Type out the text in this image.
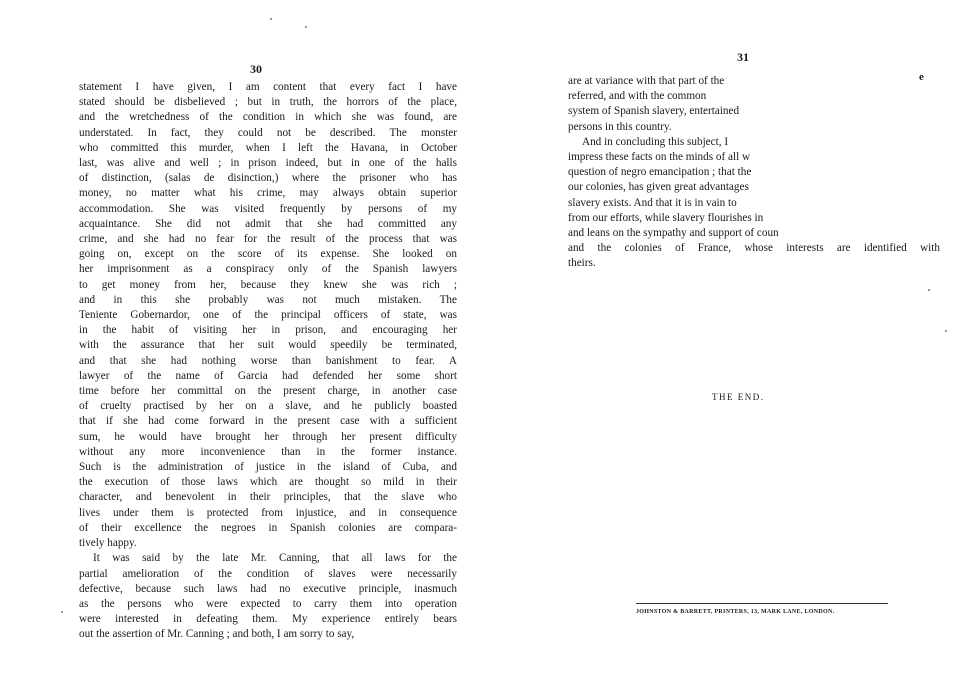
30
31
e
statement I have given, I am content that every fact I have
stated should be disbelieved ; but in truth, the horrors of the place,
and the wretchedness of the condition in which she was found, are
understated. In fact, they could not be described. The monster
who committed this murder, when I left the Havana, in October
last, was alive and well ; in prison indeed, but in one of the halls
of distinction, (salas de disinction,) where the prisoner who has
money, no matter what his crime, may always obtain superior
accommodation. She was visited frequently by persons of my
acquaintance. She did not admit that she had committed any
crime, and she had no fear for the result of the process that was
going on, except on the score of its expense. She looked on
her imprisonment as a conspiracy only of the Spanish lawyers
to get money from her, because they knew she was rich ;
and in this she probably was not much mistaken. The
Teniente Gobernardor, one of the principal officers of state, was
in the habit of visiting her in prison, and encouraging her
with the assurance that her suit would speedily be terminated,
and that she had nothing worse than banishment to fear. A
lawyer of the name of Garcia had defended her some short
time before her committal on the present charge, in another case
of cruelty practised by her on a slave, and he publicly boasted
that if she had come forward in the present case with a sufficient
sum, he would have brought her through her present difficulty
without any more inconvenience than in the former instance.
Such is the administration of justice in the island of Cuba, and
the execution of those laws which are thought so mild in their
character, and benevolent in their principles, that the slave who
lives under them is protected from injustice, and in consequence
of their excellence the negroes in Spanish colonies are compara-
tively happy.
It was said by the late Mr. Canning, that all laws for the
partial amelioration of the condition of slaves were necessarily
defective, because such laws had no executive principle, inasmuch
as the persons who were expected to carry them into operation
were interested in defeating them. My experience entirely bears
out the assertion of Mr. Canning ; and both, I am sorry to say,
are at variance with that part of the
referred, and with the common
system of Spanish slavery, entertained
persons in this country.
And in concluding this subject, I
impress these facts on the minds of all w
question of negro emancipation ; that the
our colonies, has given great advantages
slavery exists. And that it is in vain to
from our efforts, while slavery flourishes in
and leans on the sympathy and support of coun
and the colonies of France, whose interests are identified with
theirs.
THE END.
JOHNSTON & BARRETT, PRINTERS, 13, MARK LANE, LONDON.
